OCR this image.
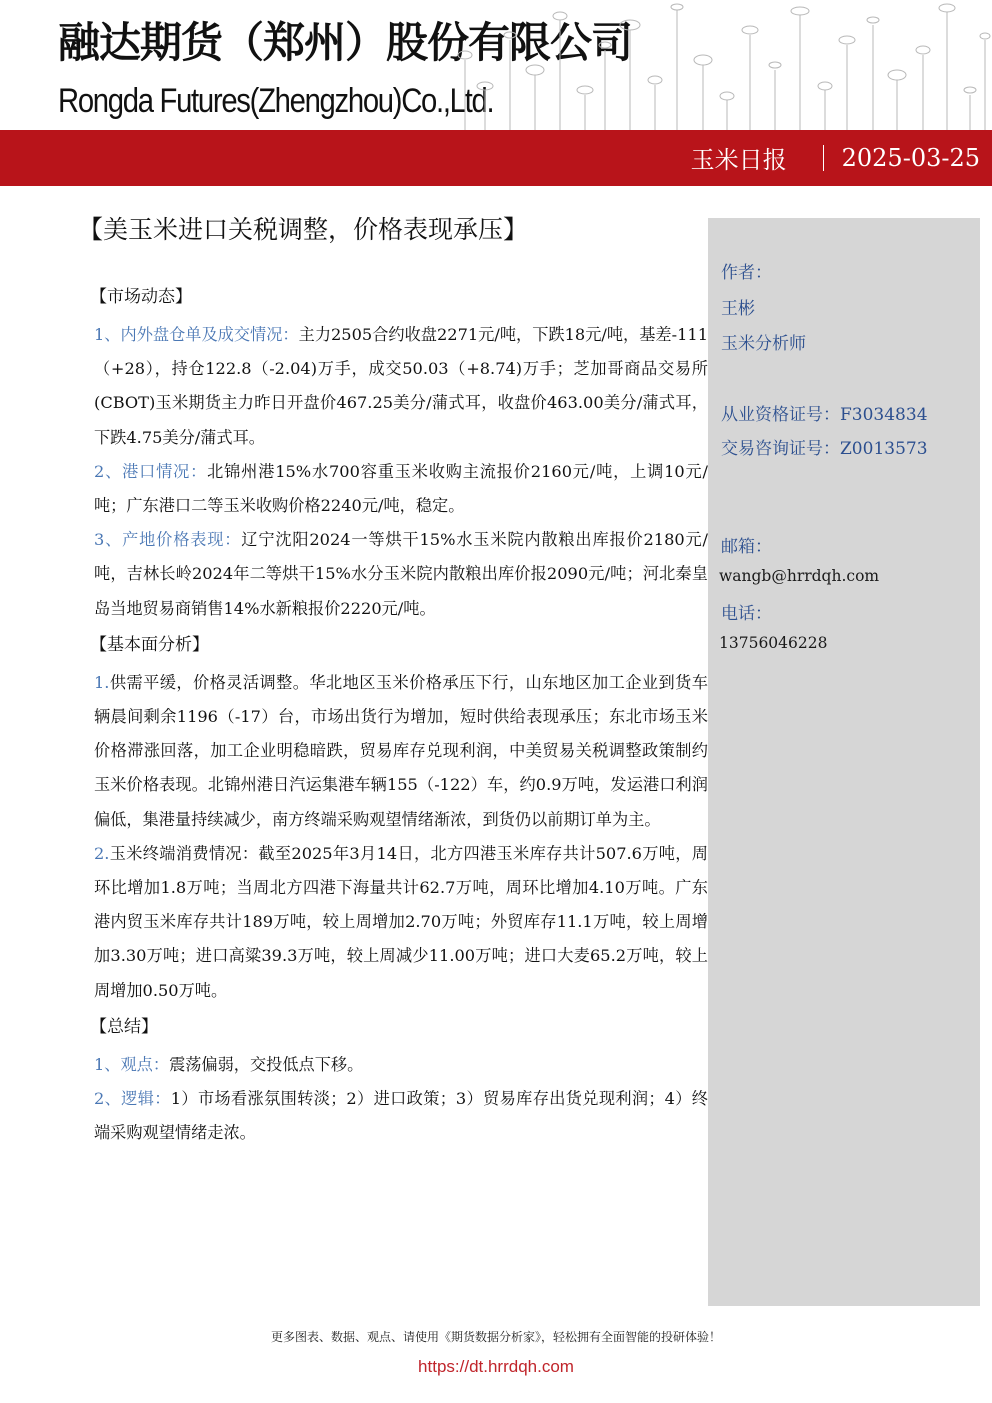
融达期货（郑州）股份有限公司
Rongda Futures(Zhengzhou)Co.,Ltd.
玉米日报 2025-03-25
【美玉米进口关税调整，价格表现承压】
【市场动态】

1、内外盘仓单及成交情况：主力2505合约收盘2271元/吨，下跌18元/吨，基差-111（+28），持仓122.8（-2.04)万手，成交50.03（+8.74)万手；芝加哥商品交易所(CBOT)玉米期货主力昨日开盘价467.25美分/蒲式耳，收盘价463.00美分/蒲式耳，下跌4.75美分/蒲式耳。

2、港口情况：北锦州港15%水700容重玉米收购主流报价2160元/吨，上调10元/吨；广东港口二等玉米收购价格2240元/吨，稳定。

3、产地价格表现：辽宁沈阳2024一等烘干15%水玉米院内散粮出库报价2180元/吨，吉林长岭2024年二等烘干15%水分玉米院内散粮出库价报2090元/吨；河北秦皇岛当地贸易商销售14%水新粮报价2220元/吨。

【基本面分析】

1.供需平缓，价格灵活调整。华北地区玉米价格承压下行，山东地区加工企业到货车辆晨间剩余1196（-17）台，市场出货行为增加，短时供给表现承压；东北市场玉米价格滞涨回落，加工企业明稳暗跌，贸易库存兑现利润，中美贸易关税调整政策制约玉米价格表现。北锦州港日汽运集港车辆155（-122）车，约0.9万吨，发运港口利润偏低，集港量持续减少，南方终端采购观望情绪渐浓，到货仍以前期订单为主。

2.玉米终端消费情况：截至2025年3月14日，北方四港玉米库存共计507.6万吨，周环比增加1.8万吨；当周北方四港下海量共计62.7万吨，周环比增加4.10万吨。广东港内贸玉米库存共计189万吨，较上周增加2.70万吨；外贸库存11.1万吨，较上周增加3.30万吨；进口高粱39.3万吨，较上周减少11.00万吨；进口大麦65.2万吨，较上周增加0.50万吨。

【总结】

1、观点：震荡偏弱，交投低点下移。

2、逻辑：1）市场看涨氛围转淡；2）进口政策；3）贸易库存出货兑现利润；4）终端采购观望情绪走浓。

作者：
王彬
玉米分析师
从业资格证号：F3034834
交易咨询证号：Z0013573
邮箱：
wangb@hrrdqh.com
电话：
13756046228
更多图表、数据、观点、请使用《期货数据分析家》，轻松拥有全面智能的投研体验！
https://dt.hrrdqh.com
